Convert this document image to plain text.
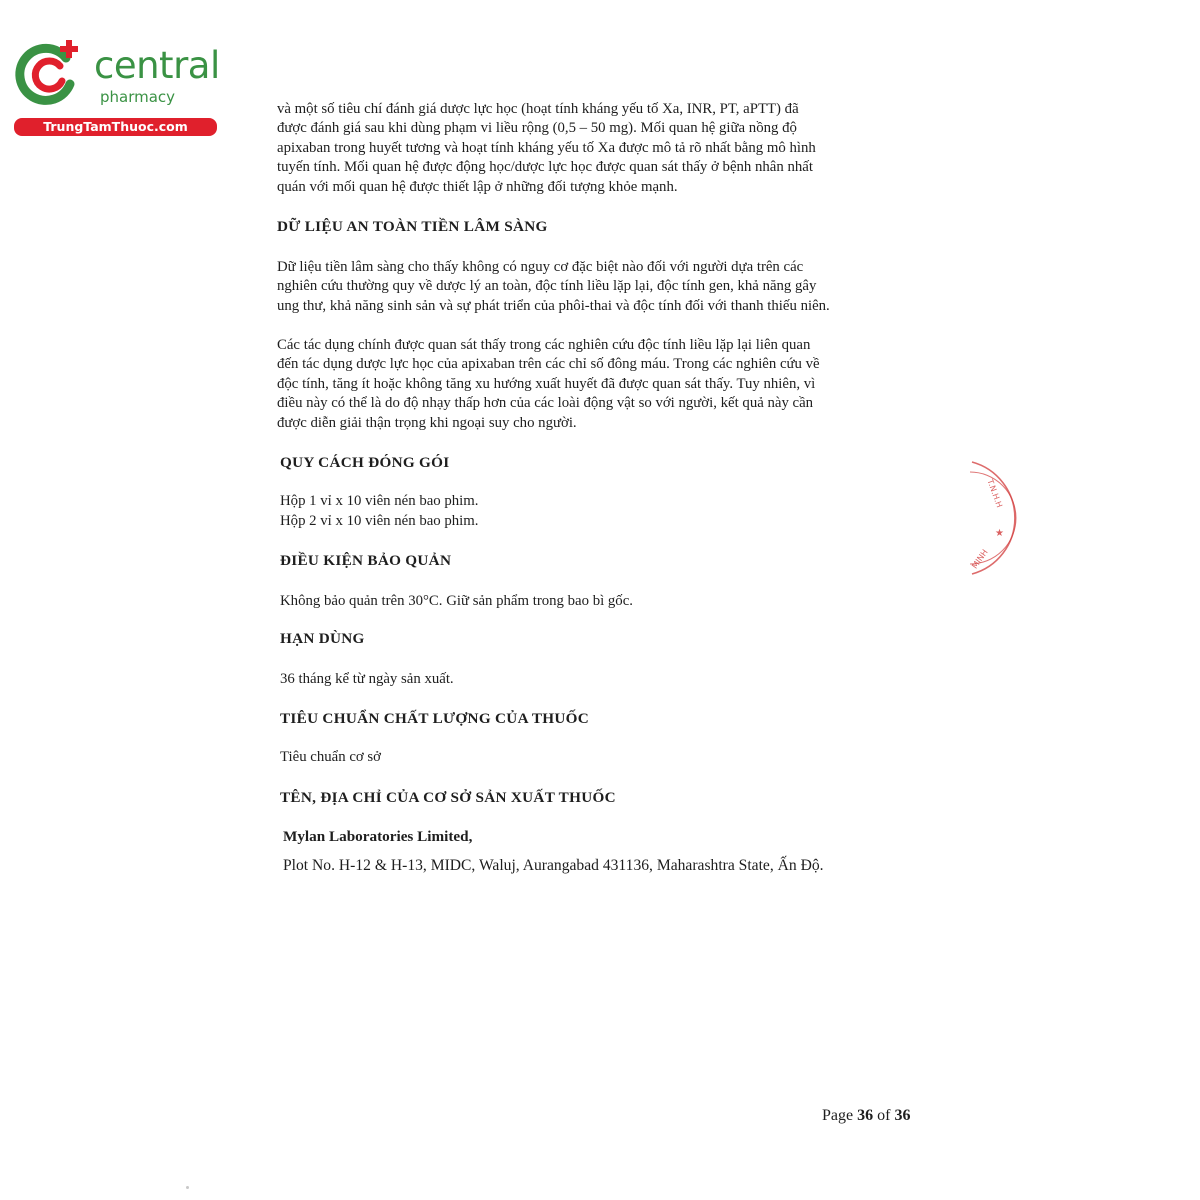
central
pharmacy
TrungTamThuoc.com
và một số tiêu chí đánh giá dược lực học (hoạt tính kháng yếu tố Xa, INR, PT, aPTT) đã
được đánh giá sau khi dùng phạm vi liều rộng (0,5 – 50 mg). Mối quan hệ giữa nồng độ
apixaban trong huyết tương và hoạt tính kháng yếu tố Xa được mô tả rõ nhất bằng mô hình
tuyến tính. Mối quan hệ được động học/dược lực học được quan sát thấy ở bệnh nhân nhất
quán với mối quan hệ được thiết lập ở những đối tượng khỏe mạnh.
DỮ LIỆU AN TOÀN TIỀN LÂM SÀNG
Dữ liệu tiền lâm sàng cho thấy không có nguy cơ đặc biệt nào đối với người dựa trên các
nghiên cứu thường quy về dược lý an toàn, độc tính liều lặp lại, độc tính gen, khả năng gây
ung thư, khả năng sinh sản và sự phát triển của phôi-thai và độc tính đối với thanh thiếu niên.
Các tác dụng chính được quan sát thấy trong các nghiên cứu độc tính liều lặp lại liên quan
đến tác dụng dược lực học của apixaban trên các chỉ số đông máu. Trong các nghiên cứu về
độc tính, tăng ít hoặc không tăng xu hướng xuất huyết đã được quan sát thấy. Tuy nhiên, vì
điều này có thể là do độ nhạy thấp hơn của các loài động vật so với người, kết quả này cần
được diễn giải thận trọng khi ngoại suy cho người.
QUY CÁCH ĐÓNG GÓI
Hộp 1 vỉ x 10 viên nén bao phim.
Hộp 2 vỉ x 10 viên nén bao phim.
ĐIỀU KIỆN BẢO QUẢN
Không bảo quản trên 30°C. Giữ sản phẩm trong bao bì gốc.
HẠN DÙNG
36 tháng kể từ ngày sản xuất.
TIÊU CHUẨN CHẤT LƯỢNG CỦA THUỐC
Tiêu chuẩn cơ sở
TÊN, ĐỊA CHỈ CỦA CƠ SỞ SẢN XUẤT THUỐC
Mylan Laboratories Limited,
Plot No. H-12 & H-13, MIDC, Waluj, Aurangabad 431136, Maharashtra State, Ấn Độ.
Page 36 of 36
T.N.H.H
★
MINH
